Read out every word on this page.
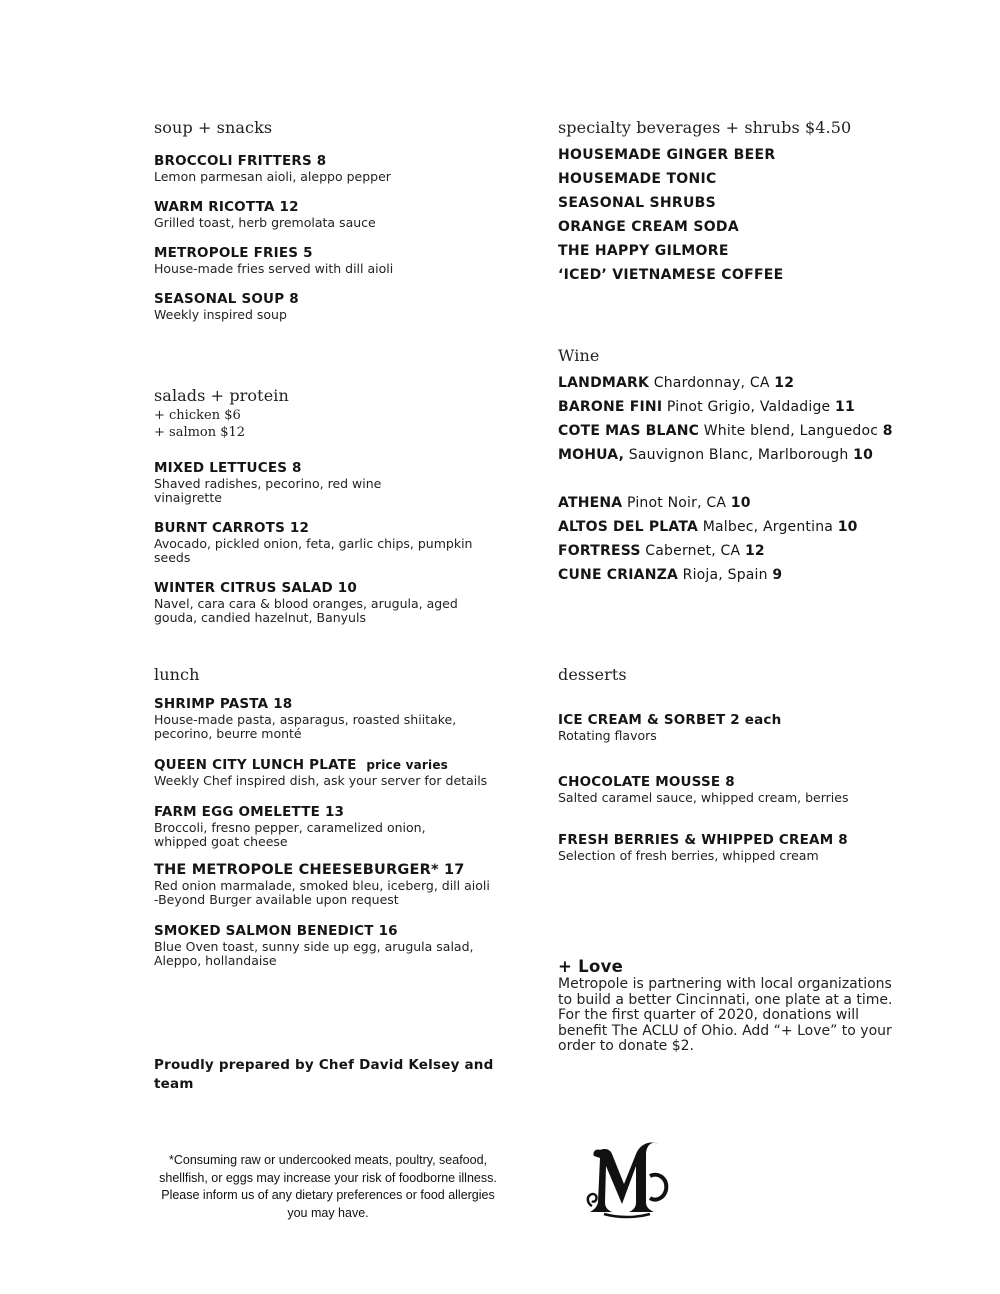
soup + snacks
BROCCOLI FRITTERS 8
Lemon parmesan aioli, aleppo pepper
WARM RICOTTA 12
Grilled toast, herb gremolata sauce
METROPOLE FRIES 5
House-made fries served with dill aioli
SEASONAL SOUP 8
Weekly inspired soup
salads + protein
+ chicken $6
+ salmon $12
MIXED LETTUCES 8
Shaved radishes, pecorino, red wine vinaigrette
BURNT CARROTS 12
Avocado, pickled onion, feta, garlic chips, pumpkin seeds
WINTER CITRUS SALAD 10
Navel, cara cara & blood oranges, arugula, aged gouda, candied hazelnut, Banyuls
lunch
SHRIMP PASTA 18
House-made pasta, asparagus, roasted shiitake, pecorino, beurre monté
QUEEN CITY LUNCH PLATE price varies
Weekly Chef inspired dish, ask your server for details
FARM EGG OMELETTE 13
Broccoli, fresno pepper, caramelized onion, whipped goat cheese
THE METROPOLE CHEESEBURGER* 17
Red onion marmalade, smoked bleu, iceberg, dill aioli
-Beyond Burger available upon request
SMOKED SALMON BENEDICT 16
Blue Oven toast, sunny side up egg, arugula salad, Aleppo, hollandaise
Proudly prepared by Chef David Kelsey and team
*Consuming raw or undercooked meats, poultry, seafood, shellfish, or eggs may increase your risk of foodborne illness. Please inform us of any dietary preferences or food allergies you may have.
specialty beverages + shrubs $4.50
HOUSEMADE GINGER BEER
HOUSEMADE TONIC
SEASONAL SHRUBS
ORANGE CREAM SODA
THE HAPPY GILMORE
‘ICED’ VIETNAMESE COFFEE
Wine
LANDMARK Chardonnay, CA 12
BARONE FINI Pinot Grigio, Valdadige 11
COTE MAS BLANC White blend, Languedoc 8
MOHUA, Sauvignon Blanc, Marlborough 10
ATHENA Pinot Noir, CA 10
ALTOS DEL PLATA Malbec, Argentina 10
FORTRESS Cabernet, CA 12
CUNE CRIANZA Rioja, Spain 9
desserts
ICE CREAM & SORBET 2 each
Rotating flavors
CHOCOLATE MOUSSE 8
Salted caramel sauce, whipped cream, berries
FRESH BERRIES & WHIPPED CREAM 8
Selection of fresh berries, whipped cream
+ Love
Metropole is partnering with local organizations to build a better Cincinnati, one plate at a time. For the first quarter of 2020, donations will benefit The ACLU of Ohio. Add “+ Love” to your order to donate $2.
